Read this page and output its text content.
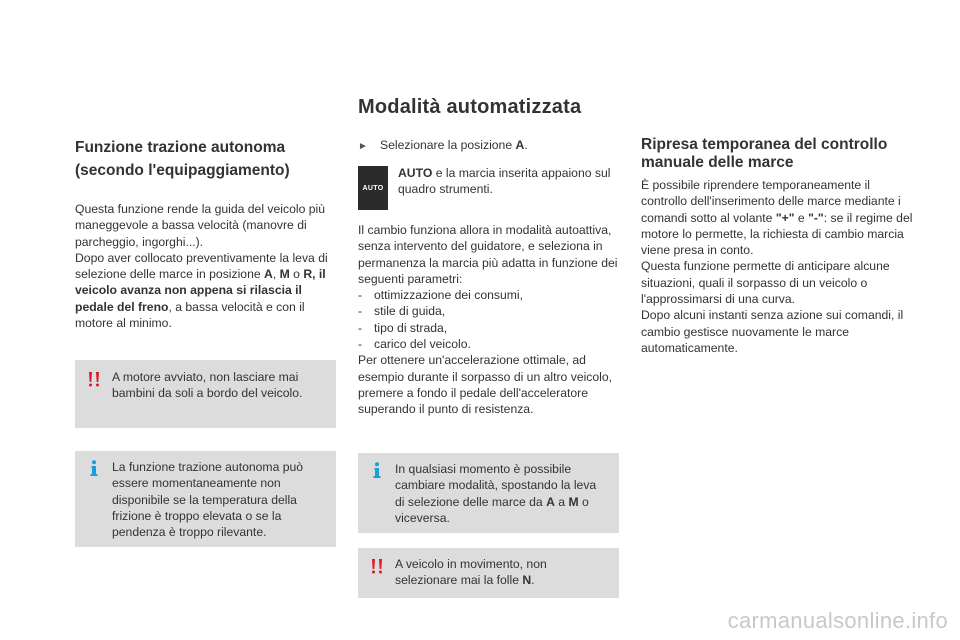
Modalità automatizzata
Funzione trazione autonoma
(secondo l'equipaggiamento)
Questa funzione rende la guida del veicolo più maneggevole a bassa velocità (manovre di parcheggio, ingorghi...).
Dopo aver collocato preventivamente la leva di selezione delle marce in posizione A, M o R, il veicolo avanza non appena si rilascia il pedale del freno, a bassa velocità e con il motore al minimo.
A motore avviato, non lasciare mai bambini da soli a bordo del veicolo.
La funzione trazione autonoma può essere momentaneamente non disponibile se la temperatura della frizione è troppo elevata o se la pendenza è troppo rilevante.
► Selezionare la posizione A.
AUTO
AUTO e la marcia inserita appaiono sul quadro strumenti.
Il cambio funziona allora in modalità autoattiva, senza intervento del guidatore, e seleziona in permanenza la marcia più adatta in funzione dei seguenti parametri:
- ottimizzazione dei consumi,
- stile di guida,
- tipo di strada,
- carico del veicolo.
Per ottenere un'accelerazione ottimale, ad esempio durante il sorpasso di un altro veicolo, premere a fondo il pedale dell'acceleratore superando il punto di resistenza.
In qualsiasi momento è possibile cambiare modalità, spostando la leva di selezione delle marce da A a M o viceversa.
A veicolo in movimento, non selezionare mai la folle N.
Ripresa temporanea del controllo manuale delle marce
È possibile riprendere temporaneamente il controllo dell'inserimento delle marce mediante i comandi sotto al volante "+" e "-": se il regime del motore lo permette, la richiesta di cambio marcia viene presa in conto.
Questa funzione permette di anticipare alcune situazioni, quali il sorpasso di un veicolo o l'approssimarsi di una curva.
Dopo alcuni instanti senza azione sui comandi, il cambio gestisce nuovamente le marce automaticamente.
carmanualsonline.info
